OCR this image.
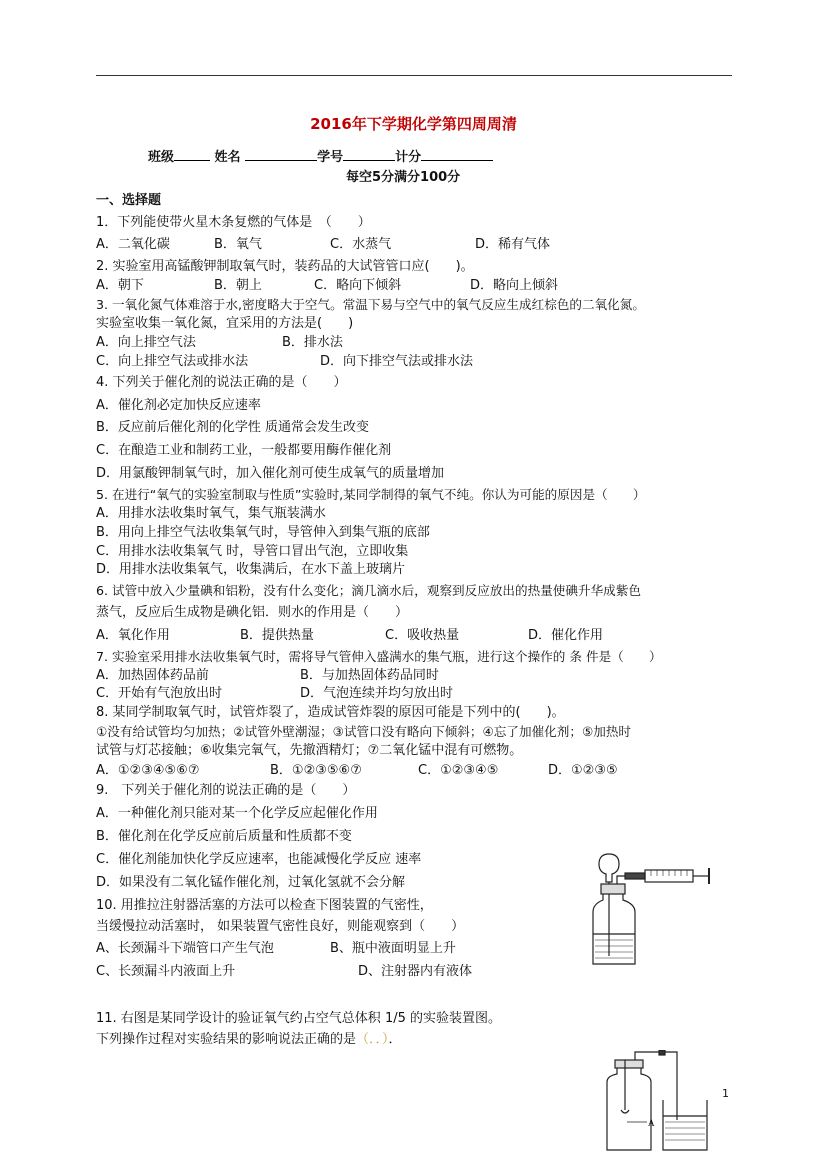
2016年下学期化学第四周周清
班级	姓名	学号	计分
每空5分满分100分
一、选择题
1．下列能使带火星木条复燃的气体是　（　　）
A．二氧化碳	B．氧气	C．水蒸气	D．稀有气体
2. 实验室用高锰酸钾制取氧气时，装药品的大试管管口应(　　)。
A．朝下	B．朝上	C．略向下倾斜	D．略向上倾斜
3. 一氧化氮气体难溶于水,密度略大于空气。常温下易与空气中的氧气反应生成红棕色的二氧化氮。
实验室收集一氧化氮，宜采用的方法是(　　)
A．向上排空气法	B．排水法
C．向上排空气法或排水法	D．向下排空气法或排水法
4. 下列关于催化剂的说法正确的是（　　）
A．催化剂必定加快反应速率
B．反应前后催化剂的化学性 质通常会发生改变
C．在酿造工业和制药工业，一般都要用酶作催化剂
D．用氯酸钾制氧气时，加入催化剂可使生成氧气的质量增加
5. 在进行“氧气的实验室制取与性质”实验时,某同学制得的氧气不纯。你认为可能的原因是（　　）
A．用排水法收集时氧气，集气瓶装满水
B．用向上排空气法收集氧气时，导管伸入到集气瓶的底部
C．用排水法收集氧气 时，导管口冒出气泡，立即收集
D．用排水法收集氧气，收集满后，在水下盖上玻璃片
6. 试管中放入少量碘和铝粉，没有什么变化；滴几滴水后，观察到反应放出的热量使碘升华成紫色
蒸气，反应后生成物是碘化铝．则水的作用是（　　）
A．氧化作用	B．提供热量	C．吸收热量	D．催化作用
7. 实验室采用排水法收集氧气时，需将导气管伸入盛满水的集气瓶，进行这个操作的 条 件是（　　）
A．加热固体药品前	B．与加热固体药品同时
C．开始有气泡放出时	D．气泡连续并均匀放出时
8. 某同学制取氧气时，试管炸裂了，造成试管炸裂的原因可能是下列中的(　　)。
①没有给试管均匀加热；②试管外壁潮湿；③试管口没有略向下倾斜；④忘了加催化剂；⑤加热时
试管与灯芯接触；⑥收集完氧气，先撤酒精灯；⑦二氧化锰中混有可燃物。
A．①②③④⑤⑥⑦	B．①②③⑤⑥⑦	C．①②③④⑤	D．①②③⑤
9.　下列关于催化剂的说法正确的是（　　）
A．一种催化剂只能对某一个化学反应起催化作用
B．催化剂在化学反应前后质量和性质都不变
C．催化剂能加快化学反应速率，也能减慢化学反应 速率
D．如果没有二氧化锰作催化剂，过氧化氢就不会分解
10. 用推拉注射器活塞的方法可以检查下图装置的气密性，
当缓慢拉动活塞时， 如果装置气密性良好，则能观察到（　　）
A、长颈漏斗下端管口产生气泡	B、瓶中液面明显上升
C、长颈漏斗内液面上升	D、注射器内有液体
11. 右图是某同学设计的验证氧气约占空气总体积 1/5 的实验装置图。
下列操作过程对实验结果的影响说法正确的是（．．）．
A
1
